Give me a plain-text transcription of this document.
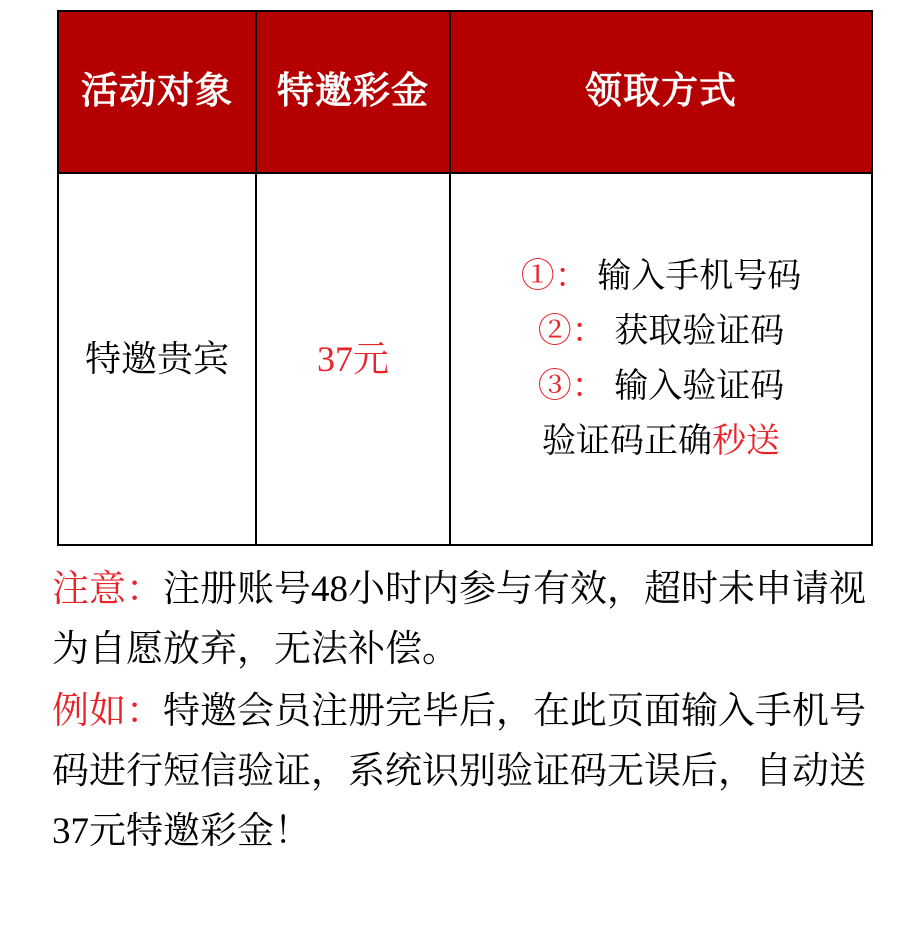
活动对象	特邀彩金	领取方式
特邀贵宾	37元	①： 输入手机号码
②： 获取验证码
③： 输入验证码
验证码正确秒送
注意：注册账号48小时内参与有效，超时未申请视为自愿放弃，无法补偿。
例如：特邀会员注册完毕后，在此页面输入手机号码进行短信验证，系统识别验证码无误后，自动送37元特邀彩金！
